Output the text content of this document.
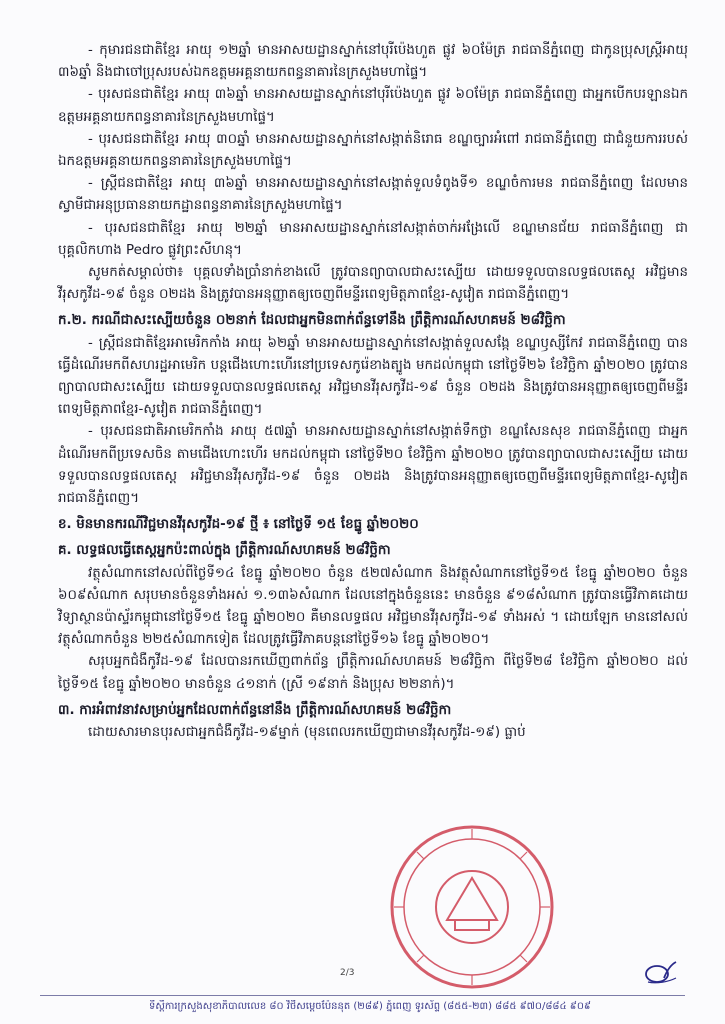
- កុមារជនជាតិខ្មែរ អាយុ ១២ឆ្នាំ មានអាសយដ្ឋានស្នាក់នៅបុរីប៉េងហួត ផ្លូវ ៦០ម៉ែត្រ រាជធានីភ្នំពេញ ជាកូនប្រុសស្ត្រីអាយុ ៣៦ឆ្នាំ និងជាចៅប្រុសរបស់ឯកឧត្តមអគ្គនាយកពន្ធនាគារនៃក្រសួងមហាផ្ទៃ។

- បុរសជនជាតិខ្មែរ អាយុ ៣៦ឆ្នាំ មានអាសយដ្ឋានស្នាក់នៅបុរីប៉េងហួត ផ្លូវ ៦០ម៉ែត្រ រាជធានីភ្នំពេញ ជាអ្នកបើកបរឡានឯកឧត្តមអគ្គនាយកពន្ធនាគារនៃក្រសួងមហាផ្ទៃ។

- បុរសជនជាតិខ្មែរ អាយុ ៣០ឆ្នាំ មានអាសយដ្ឋានស្នាក់នៅសង្កាត់និរោធ ខណ្ឌច្បារអំពៅ រាជធានីភ្នំពេញ ជាជំនួយការរបស់ឯកឧត្តមអគ្គនាយកពន្ធនាគារនៃក្រសួងមហាផ្ទៃ។

- ស្ត្រីជនជាតិខ្មែរ អាយុ ៣៦ឆ្នាំ មានអាសយដ្ឋានស្នាក់នៅសង្កាត់ទួលទំពូងទី១ ខណ្ឌចំការមន រាជធានីភ្នំពេញ ដែលមានស្វាមីជាអនុប្រធាននាយកដ្ឋានពន្ធនាគារនៃក្រសួងមហាផ្ទៃ។

- បុរសជនជាតិខ្មែរ អាយុ ២២ឆ្នាំ មានអាសយដ្ឋានស្នាក់នៅសង្កាត់ចាក់អង្រែលើ ខណ្ឌមានជ័យ រាជធានីភ្នំពេញ ជាបុគ្គលិកហាង Pedro ផ្លូវព្រះសីហនុ។

សូមកត់សម្គាល់ថា៖ បុគ្គលទាំងប្រាំនាក់ខាងលើ ត្រូវបានព្យាបាលជាសះស្បើយ ដោយទទួលបានលទ្ធផលតេស្ត អវិជ្ជមានវីរុសកូវីដ-១៩ ចំនួន ០២ដង និងត្រូវបានអនុញ្ញាតឲ្យចេញពីមន្ទីរពេទ្យមិត្តភាពខ្មែរ-សូវៀត រាជធានីភ្នំពេញ។

ក.២. ករណីជាសះស្បើយចំនួន ០២នាក់ ដែលជាអ្នកមិនពាក់ព័ន្ធទៅនឹង ព្រឹត្តិការណ៍សហគមន៍ ២៨វិច្ឆិកា

- ស្ត្រីជនជាតិខ្មែរអាមេរិកកាំង អាយុ ៦២ឆ្នាំ មានអាសយដ្ឋានស្នាក់នៅសង្កាត់ទួលសង្កែ ខណ្ឌឫស្សីកែវ រាជធានីភ្នំពេញ បានធ្វើដំណើរមកពីសហរដ្ឋអាមេរិក បន្តជើងហោះហើរនៅប្រទេសកូរ៉េខាងត្បូង មកដល់កម្ពុជា នៅថ្ងៃទី២៦ ខែវិច្ឆិកា ឆ្នាំ២០២០ ត្រូវបានព្យាបាលជាសះស្បើយ ដោយទទួលបានលទ្ធផលតេស្ត អវិជ្ជមានវីរុសកូវីដ-១៩ ចំនួន ០២ដង និងត្រូវបានអនុញ្ញាតឲ្យចេញពីមន្ទីរពេទ្យមិត្តភាពខ្មែរ-សូវៀត រាជធានីភ្នំពេញ។

- បុរសជនជាតិអាមេរិកកាំង អាយុ ៥៧ឆ្នាំ មានអាសយដ្ឋានស្នាក់នៅសង្កាត់ទឹកថ្លា ខណ្ឌសែនសុខ រាជធានីភ្នំពេញ ជាអ្នកដំណើរមកពីប្រទេសចិន តាមជើងហោះហើរ មកដល់កម្ពុជា នៅថ្ងៃទី២០ ខែវិច្ឆិកា ឆ្នាំ២០២០ ត្រូវបានព្យាបាលជាសះស្បើយ ដោយទទួលបានលទ្ធផលតេស្ត អវិជ្ជមានវីរុសកូវីដ-១៩ ចំនួន ០២ដង និងត្រូវបានអនុញ្ញាតឲ្យចេញពីមន្ទីរពេទ្យមិត្តភាពខ្មែរ-សូវៀត រាជធានីភ្នំពេញ។

ខ. មិនមានករណីវិជ្ជមានវីរុសកូវីដ-១៩ ថ្មី ៖ នៅថ្ងៃទី ១៥ ខែធ្នូ ឆ្នាំ២០២០

គ. លទ្ធផលធ្វើតេស្តអ្នកប៉ះពាល់ក្នុង ព្រឹត្តិការណ៍សហគមន៍ ២៨វិច្ឆិកា

វត្ថុសំណាកនៅសល់ពីថ្ងៃទី១៤ ខែធ្នូ ឆ្នាំ២០២០ ចំនួន ៥២៧សំណាក និងវត្ថុសំណាកនៅថ្ងៃទី១៥ ខែធ្នូ ឆ្នាំ២០២០ ចំនួន ៦០៩សំណាក សរុបមានចំនួនទាំងអស់ ១.១៣៦សំណាក ដែលនៅក្នុងចំនួននេះ មានចំនួន ៩១៨សំណាក ត្រូវបានធ្វើវិភាគដោយវិទ្យាស្ថានប៉ាស្ទ័រកម្ពុជានៅថ្ងៃទី១៥ ខែធ្នូ ឆ្នាំ២០២០ គឺមានលទ្ធផល អវិជ្ជមានវីរុសកូវីដ-១៩ ទាំងអស់ ។ ដោយឡែក មាននៅសល់វត្ថុសំណាកចំនួន ២២៥សំណាកទៀត ដែលត្រូវធ្វើវិភាគបន្តនៅថ្ងៃទី១៦ ខែធ្នូ ឆ្នាំ២០២០។

សរុបអ្នកជំងឺកូវីដ-១៩ ដែលបានរកឃើញពាក់ព័ន្ធ ព្រឹត្តិការណ៍សហគមន៍ ២៨វិច្ឆិកា ពីថ្ងៃទី២៨ ខែវិច្ឆិកា ឆ្នាំ២០២០ ដល់ថ្ងៃទី១៥ ខែធ្នូ ឆ្នាំ២០២០ មានចំនួន ៤១នាក់ (ស្រី ១៩នាក់ និងប្រុស ២២នាក់)។

៣. ការអំពាវនាវសម្រាប់អ្នកដែលពាក់ព័ន្ធនៅនឹង ព្រឹត្តិការណ៍សហគមន៍ ២៨វិច្ឆិកា

ដោយសារមានបុរសជាអ្នកជំងឺកូវីដ-១៩ម្នាក់ (មុនពេលរកឃើញជាមានវីរុសកូវីដ-១៩) ធ្លាប់

2/3
ទីស្តីការក្រសួងសុខាភិបាលលេខ ៨០ វិថីសម្តេចប៉ែននុត (២៨៩) ភ្នំពេញ ទូរស័ព្ទ (៨៥៥-២៣) ៨៨៥ ៩៧០/៨៨៤ ៩០៩
